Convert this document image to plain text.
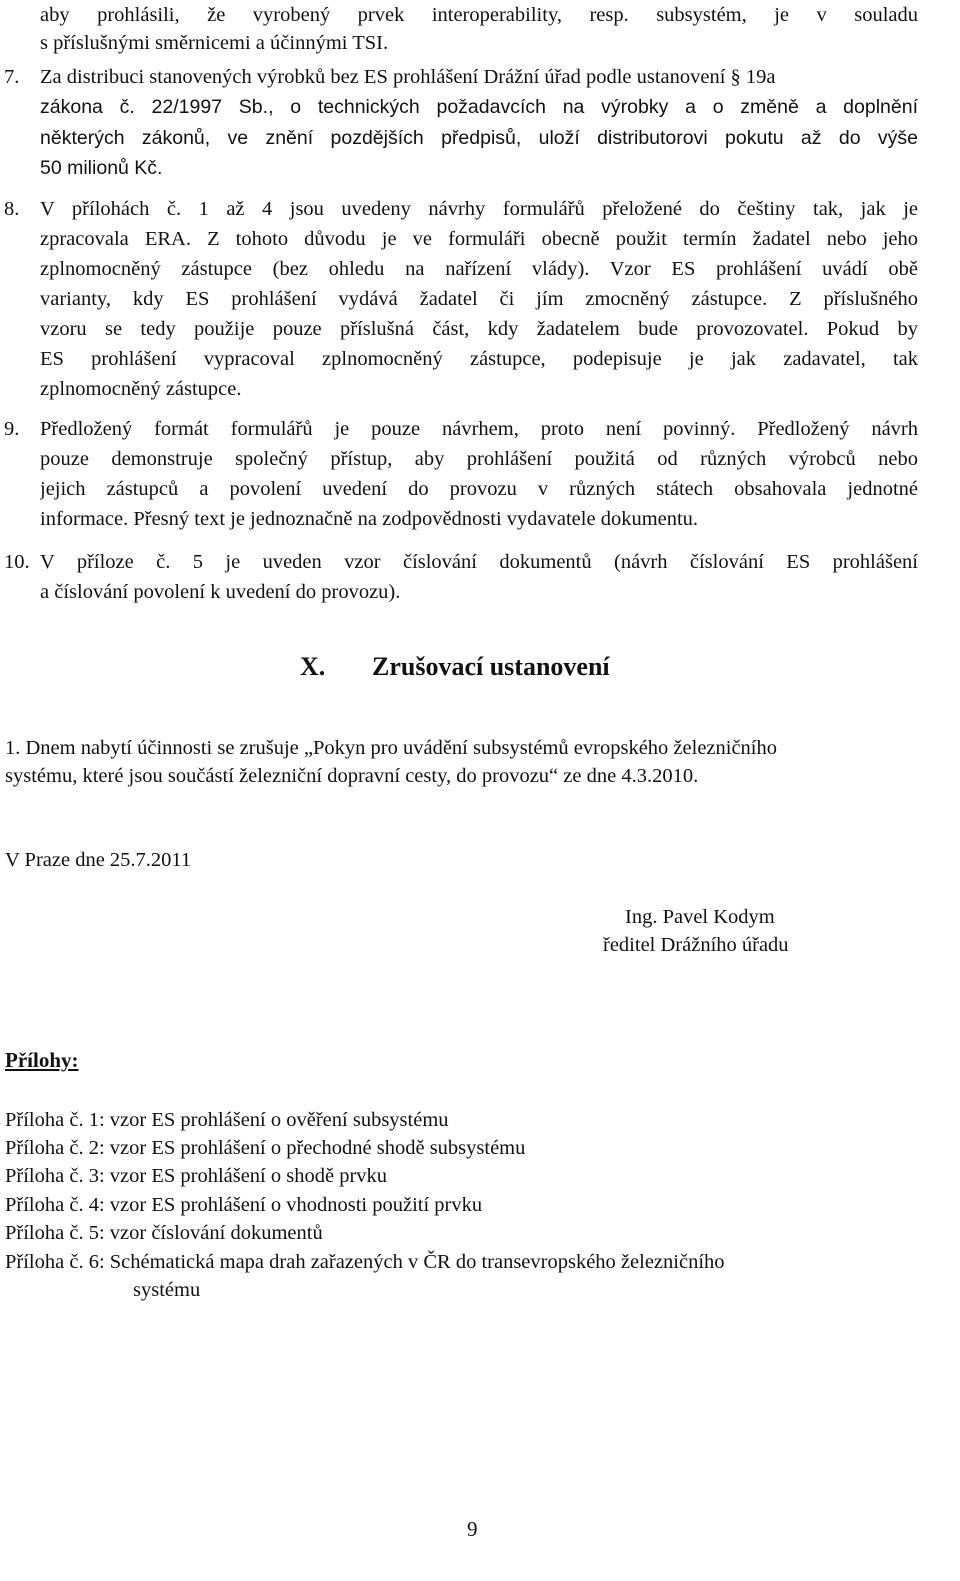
aby prohlásili, že vyrobený prvek interoperability, resp. subsystém, je v souladu
s příslušnými směrnicemi a účinnými TSI.
7. Za distribuci stanovených výrobků bez ES prohlášení Drážní úřad podle ustanovení § 19a
zákona č. 22/1997 Sb., o technických požadavcích na výrobky a o změně a doplnění
některých zákonů, ve znění pozdějších předpisů, uloží distributorovi pokutu až do výše
50 milionů Kč.
8. V přílohách č. 1 až 4 jsou uvedeny návrhy formulářů přeložené do češtiny tak, jak je
zpracovala ERA. Z tohoto důvodu je ve formuláři obecně použit termín žadatel nebo jeho
zplnomocněný zástupce (bez ohledu na nařízení vlády). Vzor ES prohlášení uvádí obě
varianty, kdy ES prohlášení vydává žadatel či jím zmocněný zástupce. Z příslušného
vzoru se tedy použije pouze příslušná část, kdy žadatelem bude provozovatel. Pokud by
ES prohlášení vypracoval zplnomocněný zástupce, podepisuje je jak zadavatel, tak
zplnomocněný zástupce.
9. Předložený formát formulářů je pouze návrhem, proto není povinný. Předložený návrh
pouze demonstruje společný přístup, aby prohlášení použitá od různých výrobců nebo
jejich zástupců a povolení uvedení do provozu v různých státech obsahovala jednotné
informace. Přesný text je jednoznačně na zodpovědnosti vydavatele dokumentu.
10. V příloze č. 5 je uveden vzor číslování dokumentů (návrh číslování ES prohlášení
a číslování povolení k uvedení do provozu).
X. Zrušovací ustanovení
1. Dnem nabytí účinnosti se zrušuje „Pokyn pro uvádění subsystémů evropského železničního
systému, které jsou součástí železniční dopravní cesty, do provozu“ ze dne 4.3.2010.
V Praze dne 25.7.2011
Ing. Pavel Kodym
ředitel Drážního úřadu
Přílohy:
Příloha č. 1: vzor ES prohlášení o ověření subsystému
Příloha č. 2: vzor ES prohlášení o přechodné shodě subsystému
Příloha č. 3: vzor ES prohlášení o shodě prvku
Příloha č. 4: vzor ES prohlášení o vhodnosti použití prvku
Příloha č. 5: vzor číslování dokumentů
Příloha č. 6: Schématická mapa drah zařazených v ČR do transevropského železničního
systému
9
